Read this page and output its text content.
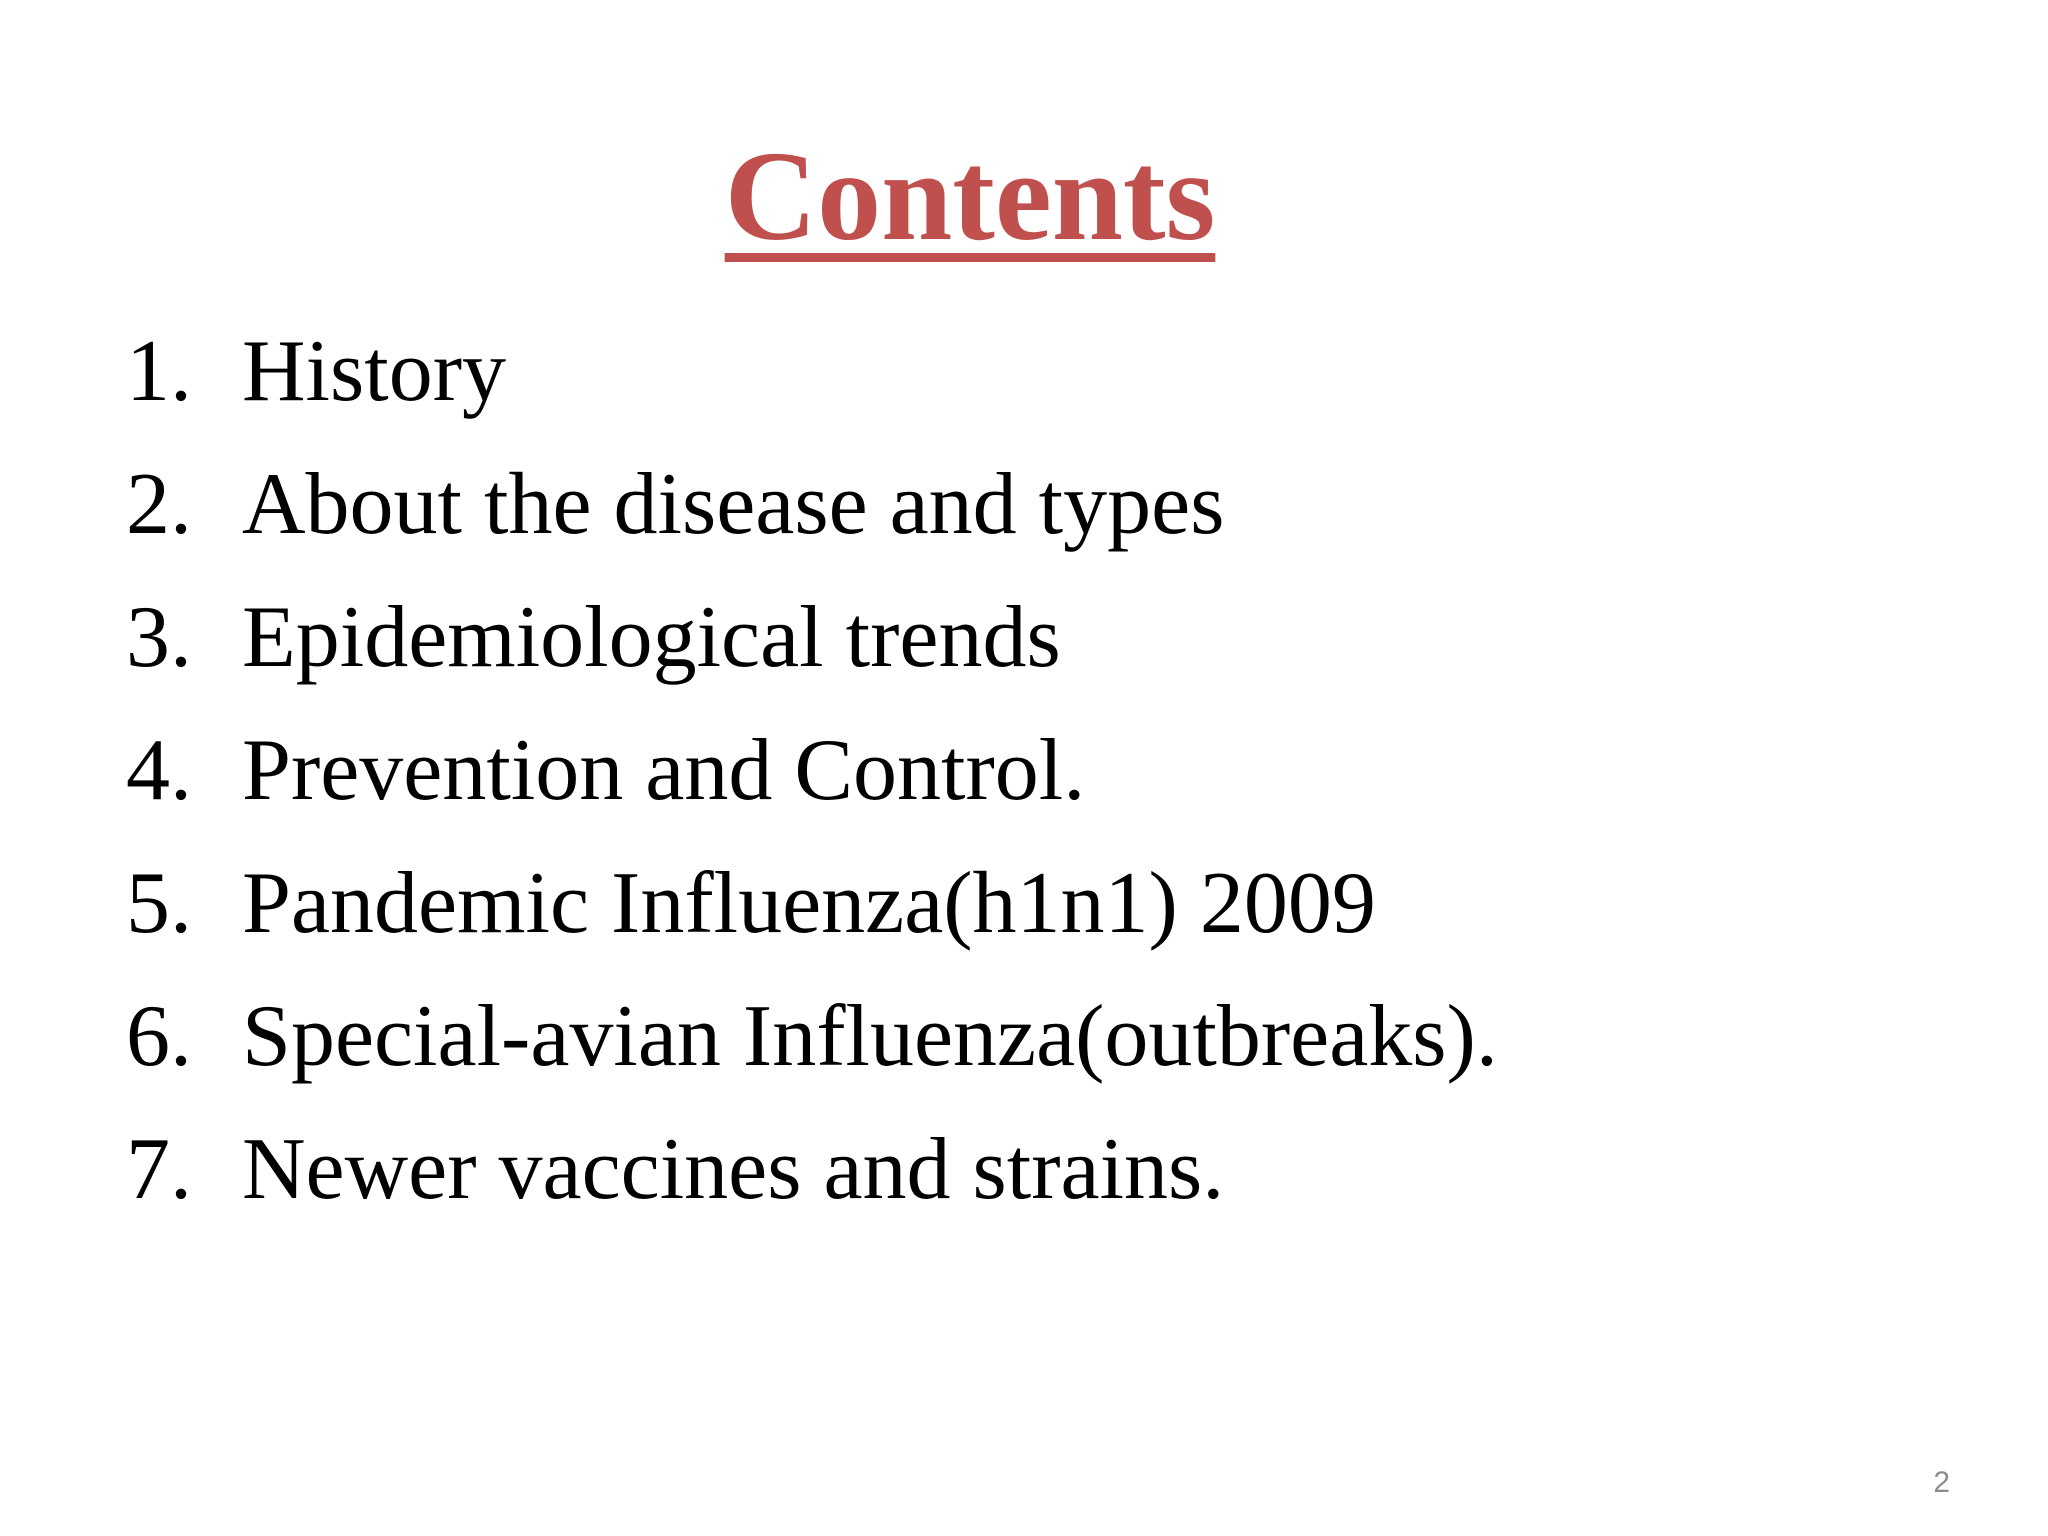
Contents
1. History
2. About the disease and types
3. Epidemiological trends
4. Prevention and Control.
5. Pandemic Influenza(h1n1) 2009
6. Special-avian Influenza(outbreaks).
7. Newer vaccines and strains.
2
